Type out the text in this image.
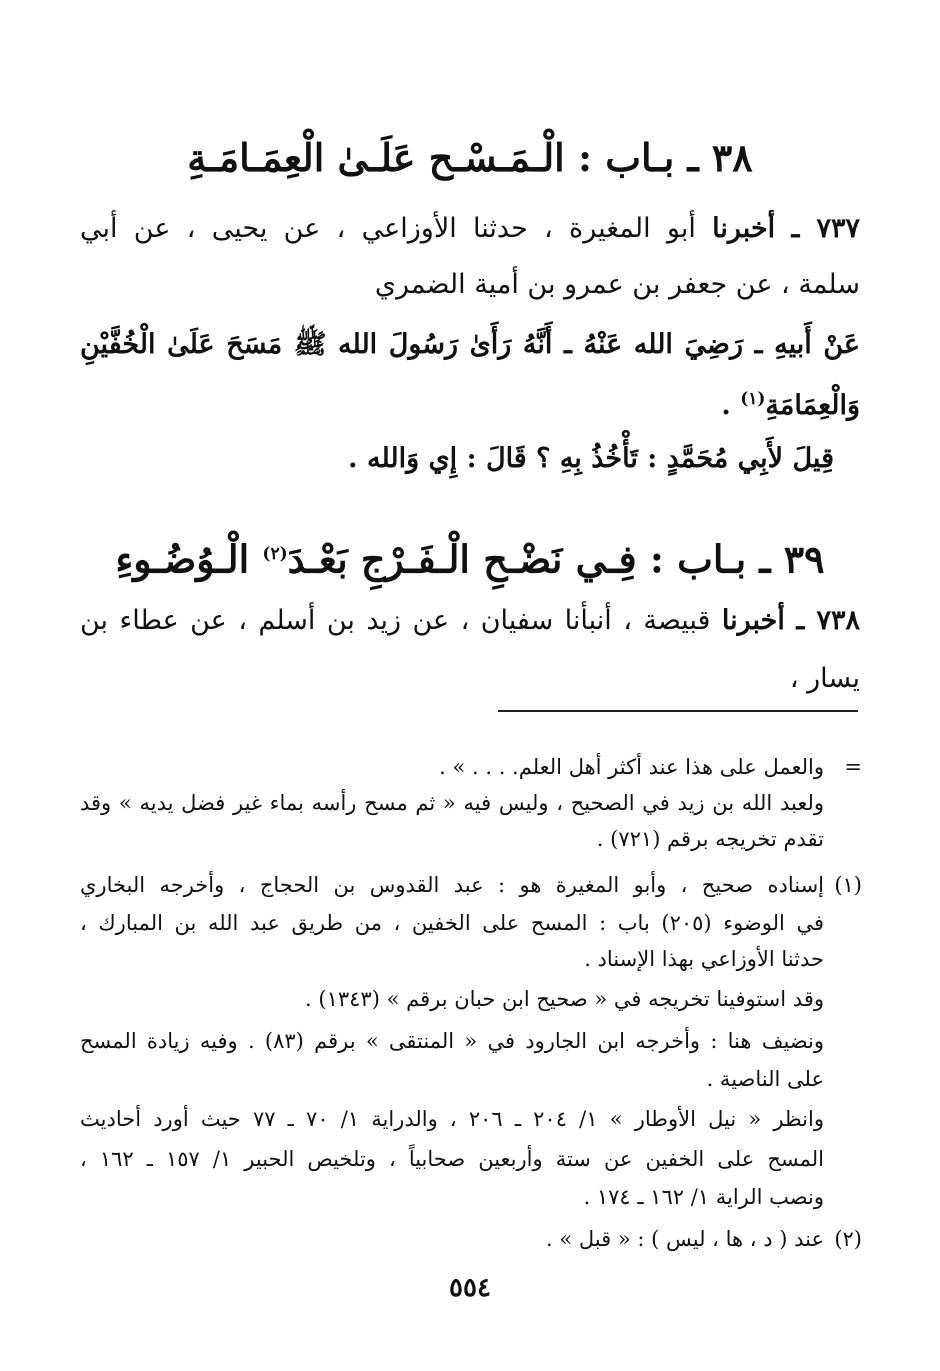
٣٨ ـ بـاب : الْـمَـسْـح عَلَـىٰ الْعِمَـامَـةِ
٧٣٧ ـ أخبرنا أبو المغيرة ، حدثنا الأوزاعي ، عن يحيى ، عن أبي
سلمة ، عن جعفر بن عمرو بن أمية الضمري
عَنْ أَبيهِ ـ رَضِيَ الله عَنْهُ ـ أَنَّهُ رَأَىٰ رَسُولَ الله ﷺ مَسَحَ عَلَىٰ الْخُفَّيْنِ
وَالْعِمَامَةِ$^{(١)}$ .
قِيلَ لأَبِي مُحَمَّدٍ : تَأْخُذُ بِهِ ؟ قَالَ : إِي وَالله .
٣٩ ـ بـاب : فِـي نَضْـحِ الْـفَـرْجِ بَعْـدَ$^{(٢)}$ الْـوُضُـوءِ
٧٣٨ ـ أخبرنا قبيصة ، أنبأنا سفيان ، عن زيد بن أسلم ، عن عطاء بن
يسار ،
=والعمل على هذا عند أكثر أهل العلم. . . . » .
ولعبد الله بن زيد في الصحيح ، وليس فيه « ثم مسح رأسه بماء غير فضل يديه » وقد
تقدم تخريجه برقم (٧٢١) .
(١)إسناده صحيح ، وأبو المغيرة هو : عبد القدوس بن الحجاج ، وأخرجه البخاري
في الوضوء (٢٠٥) باب : المسح على الخفين ، من طريق عبد الله بن المبارك ،
حدثنا الأوزاعي بهذا الإسناد .
وقد استوفينا تخريجه في « صحيح ابن حبان برقم » (١٣٤٣) .
ونضيف هنا : وأخرجه ابن الجارود في « المنتقى » برقم (٨٣) . وفيه زيادة المسح
على الناصية .
وانظر « نيل الأوطار » ١/ ٢٠٤ ـ ٢٠٦ ، والدراية ١/ ٧٠ ـ ٧٧ حيث أورد أحاديث
المسح على الخفين عن ستة وأربعين صحابياً ، وتلخيص الحبير ١/ ١٥٧ ـ ١٦٢ ،
ونصب الراية ١/ ١٦٢ ـ ١٧٤ .
(٢)عند ( د ، ها ، ليس ) : « قبل » .
٥٥٤
